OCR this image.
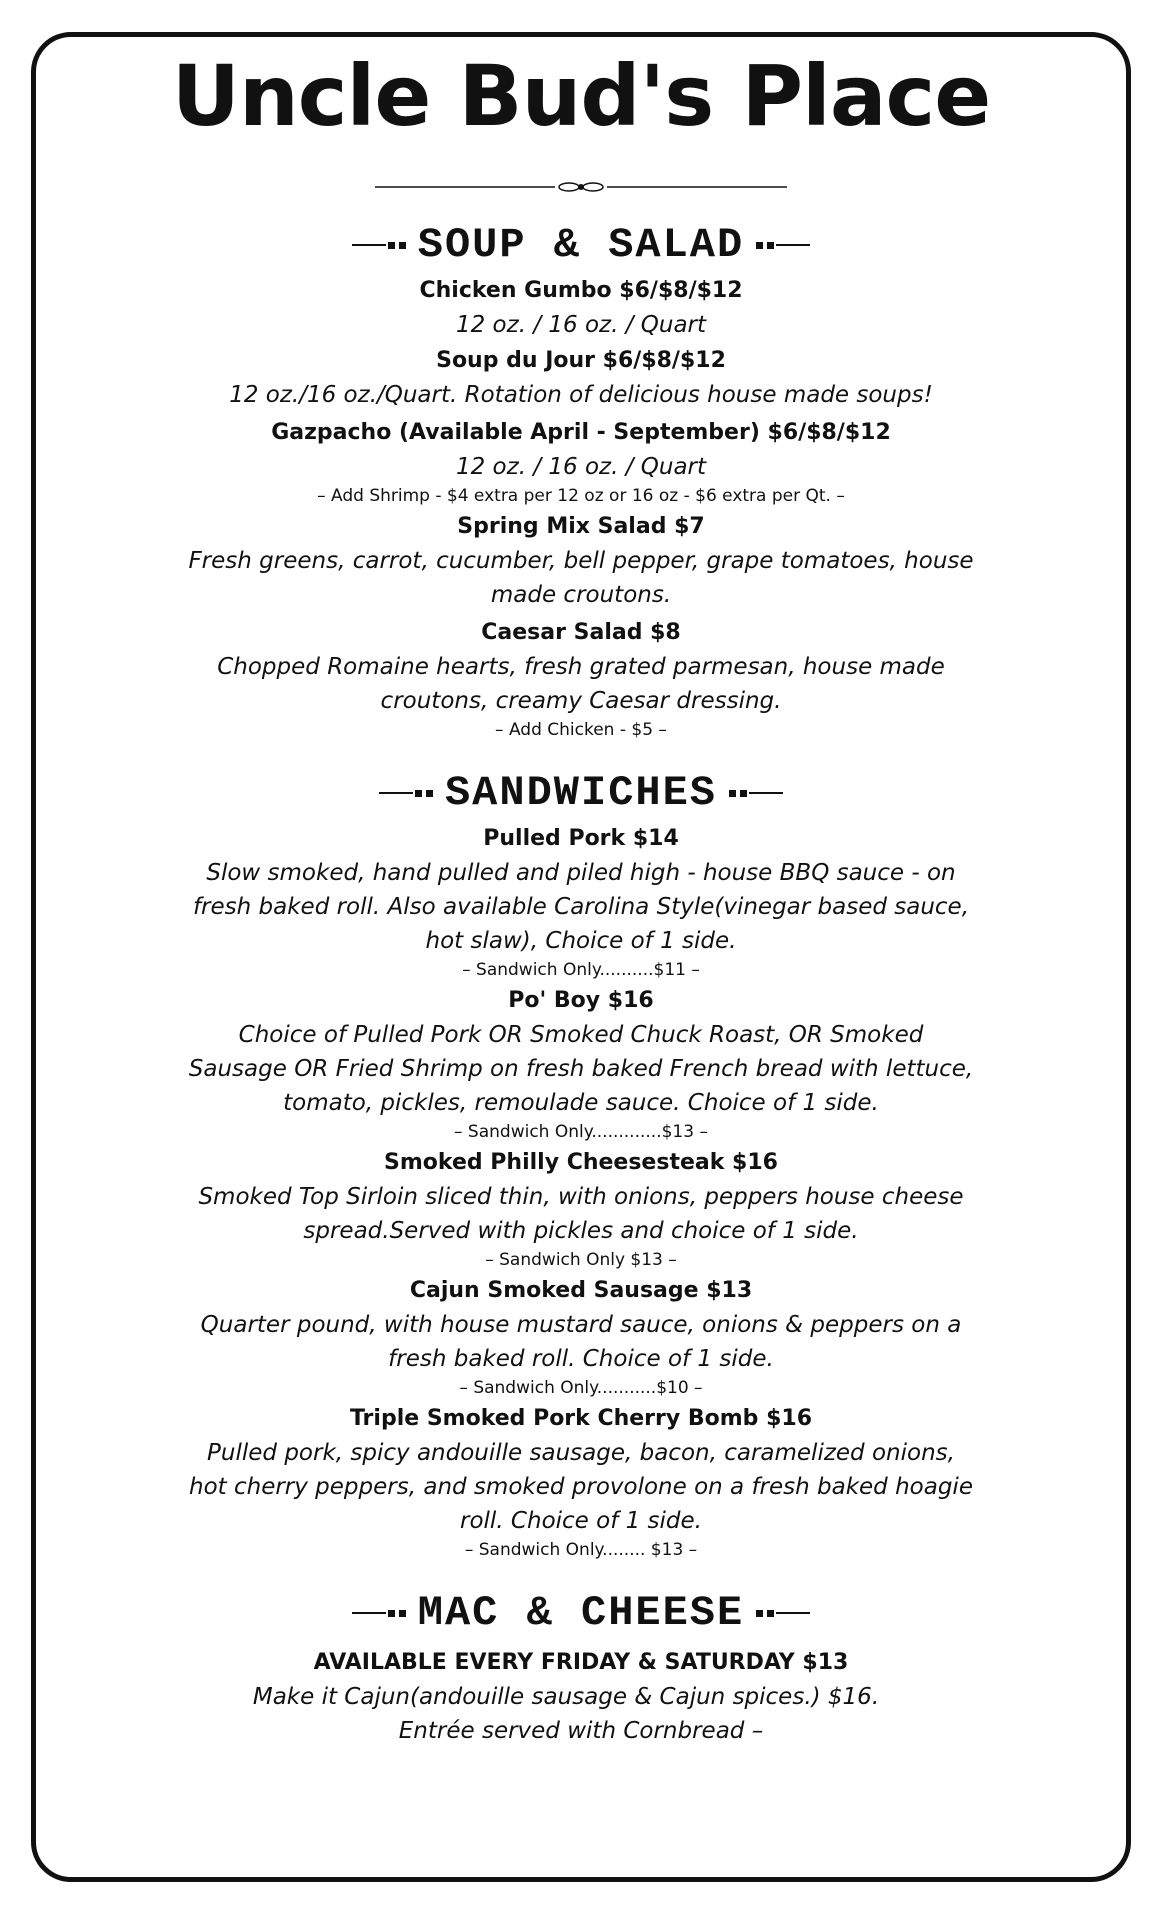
Uncle Bud's Place
SOUP & SALAD
Chicken Gumbo $6/$8/$12
12 oz. / 16 oz. / Quart
Soup du Jour $6/$8/$12
12 oz./16 oz./Quart. Rotation of delicious house made soups!
Gazpacho (Available April - September) $6/$8/$12
12 oz. / 16 oz. / Quart
– Add Shrimp - $4 extra per 12 oz or 16 oz - $6 extra per Qt. –
Spring Mix Salad $7
Fresh greens, carrot, cucumber, bell pepper, grape tomatoes, house made croutons.
Caesar Salad $8
Chopped Romaine hearts, fresh grated parmesan, house made croutons, creamy Caesar dressing.
– Add Chicken - $5 –
SANDWICHES
Pulled Pork $14
Slow smoked, hand pulled and piled high - house BBQ sauce - on fresh baked roll. Also available Carolina Style(vinegar based sauce, hot slaw), Choice of 1 side.
– Sandwich Only..........$11 –
Po' Boy $16
Choice of Pulled Pork OR Smoked Chuck Roast, OR Smoked Sausage OR Fried Shrimp on fresh baked French bread with lettuce, tomato, pickles, remoulade sauce. Choice of 1 side.
– Sandwich Only.............$13 –
Smoked Philly Cheesesteak $16
Smoked Top Sirloin sliced thin, with onions, peppers house cheese spread.Served with pickles and choice of 1 side.
– Sandwich Only $13 –
Cajun Smoked Sausage $13
Quarter pound, with house mustard sauce, onions & peppers on a fresh baked roll. Choice of 1 side.
– Sandwich Only...........$10 –
Triple Smoked Pork Cherry Bomb $16
Pulled pork, spicy andouille sausage, bacon, caramelized onions, hot cherry peppers, and smoked provolone on a fresh baked hoagie roll. Choice of 1 side.
– Sandwich Only........ $13 –
MAC & CHEESE
AVAILABLE EVERY FRIDAY & SATURDAY $13
Make it Cajun(andouille sausage & Cajun spices.) $16.
Entrée served with Cornbread –
